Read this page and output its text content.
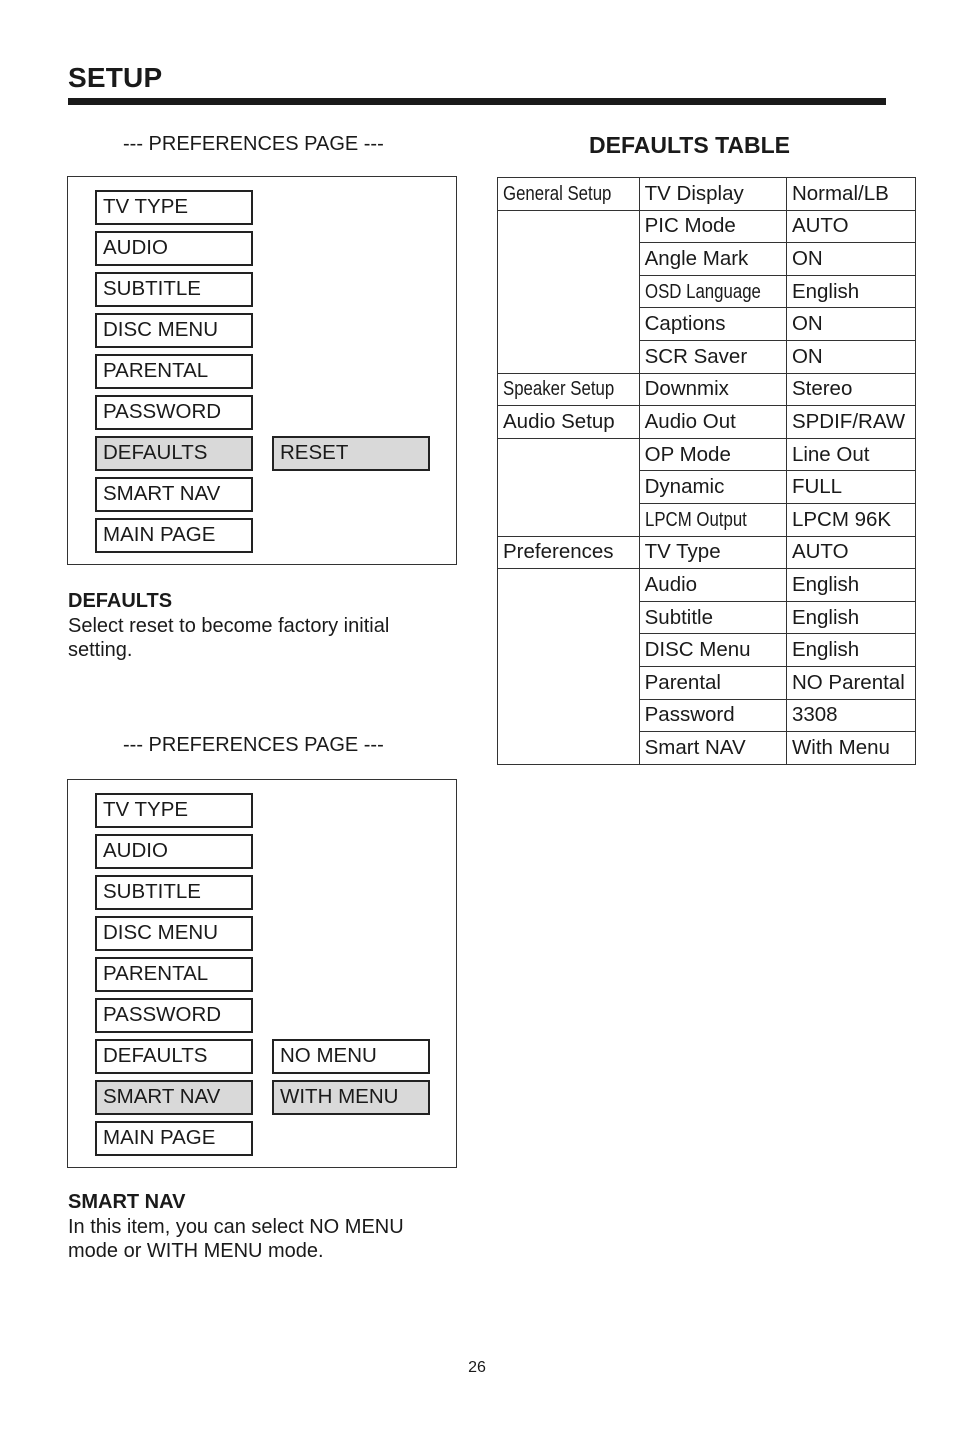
SETUP
--- PREFERENCES PAGE ---
TV TYPE
AUDIO
SUBTITLE
DISC MENU
PARENTAL
PASSWORD
DEFAULTS	RESET
SMART NAV
MAIN PAGE
DEFAULTS
Select reset to become factory initial setting.
--- PREFERENCES PAGE ---
TV TYPE
AUDIO
SUBTITLE
DISC MENU
PARENTAL
PASSWORD
DEFAULTS	NO MENU
SMART NAV	WITH MENU
MAIN PAGE
SMART NAV
In this item, you can select NO MENU mode or WITH MENU mode.
DEFAULTS TABLE
General Setup	TV Display	Normal/LB
	PIC Mode	AUTO
	Angle Mark	ON
	OSD Language	English
	Captions	ON
	SCR Saver	ON
Speaker Setup	Downmix	Stereo
Audio Setup	Audio Out	SPDIF/RAW
	OP Mode	Line Out
	Dynamic	FULL
	LPCM Output	LPCM 96K
Preferences	TV Type	AUTO
	Audio	English
	Subtitle	English
	DISC Menu	English
	Parental	NO Parental
	Password	3308
	Smart NAV	With Menu
26
